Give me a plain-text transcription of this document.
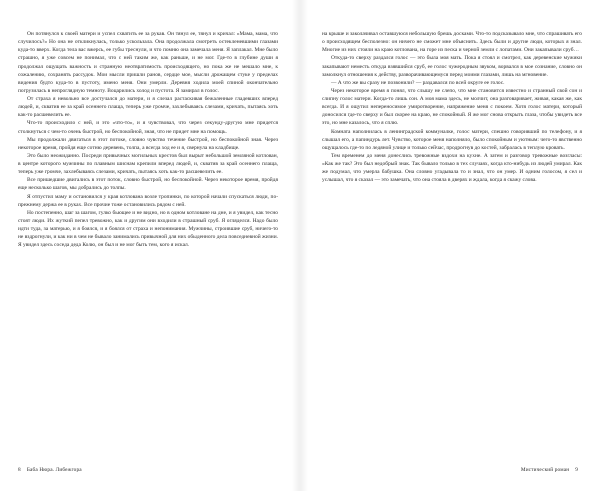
Он потянулся к своей матери и успел схватить ее за рукав. Он тянул ее, тянул и кричал: «Мама, мама, что случилось?» Но она не откликнулась, только ускользала. Она продолжала смотреть остекленевшими глазами куда-то вверх. Когда тела вас вжерсь, ее губы треснули, и что помню она замечала меня. Я заплакал. Мне было страшно, я уже совсем не понимал, что с ней таким же, как раньше, и не мог. Где-то в глубине души я продолжал ощущать важность и странную неотвратимость происходящего, но пока же не мешало мне, к сожалению, сохранять рассудок. Мои мысли пришли ранов, сердце мое, мысли дрожащем стуке у пределах видения будто куда-то в пустоту, имено меня. Они умерли. Деревня ходила моей спиной окончательно погрузилась в непроглядную темноту. Воцарились холод и пустота. Я замирал в голос.

От страха я невольно все достучался до матери, и я слезал растаскивая бежаленные гладевших вперед людей, и, скватив ее за край осеннего плаща, теперь уже громче, захлебываясь слезами, кричать, пытаясь хоть как-то расшевелить ее.

Что-то происходило с ней, и это «что-то», и я чувствовал, что через секунду-другую мне придется столкнуться с чем-то очень быстрой, но беспокойной, зная, что не придет мне на помощь.

Мы продолжали двигаться в этот потоке, словно чувство течение быстрой, но беспокойной зная. Через некоторое время, пройдя еще сотню деревень, толпа, а всегда ход ее и я, свернула на кладбище.

Это было неожиданно. Посреди привычных могильных крестов был вырыт небольшой земляной котлован, в центре которого мужчины по плавным шиснам крепили вперед людей, и, скватив за край осеннего плаща, теперь уже громче, захлебываясь слезами, кричать, пытаясь хоть как-то расшевелить ее.

Все пришедшие двигались в этот поток, словно быстрой, но беспокойной. Через некоторое время, пройдя еще несколько шагов, мы добрались до толпы.

Я отпустил маму и остановился у края котлована возле тропинки, по которой начали спускаться люди, по-прежнему держа ее в руках. Все прочие тоже остановились рядом с ней.

Но постепенно, шаг за шагом, гулко бьющее и не видно, но в одном котловане на дне, и я увидел, как тесно стоят люди. Их жуткий пепел тревожно, как и другим они входили в страшный сруб. Я огляделся. Надо было идти туда, за матерью, и я боялся, и я боялся от страха и непонимания. Мужчины, строившие сруб, ничего-то не вздрогнули, и как ни в чем не бывало занимались привычной для них обыденного дела повседневной жизни. Я увидел здесь соседа деда Колю, он был и не мог быть тем, кого я искал.

8 Баба Нюра. Либежгора

на крыше и заколачивал оставшуюся небольшую брешь досками. Что-то подсказывало мне, что спрашивать его о происходящем бесполезно: он ничего не сможет мне объяснить. Здесь были и другие люди, которых я знал. Многие из них стояли на краю котлована, на горе из песка и черной земли с лопатами. Они закапывали сруб…

Откуда-то сверху раздался голос — это была моя мать. Пока я стоял и смотрел, как деревенские мужики закапывают неместь откуда взявшийся сруб, ее голос чужеродным звуком, ворвался в мое сознание, словно он замолкнул отношения к действу, разворачивающемуся перед моими глазами, лишь на мгновение.

— А что же вы сразу не позвонили? — раздавался по всей округе ее голос.

Через некоторое время я понял, что слышу не слепо, что мне становится известно и странный свой сон и слипну голос матери. Когда-то лишь сон. А моя мама здесь, не молчит, она разговаривает, живая, какая же, как всегда. И я ощутил непереносимое умиротворение, напряжение меня с покоем. Хотя голос матери, который доносился где-то сверху и был скорее на краю, не спокойный. Я же мог снова открыть глаза, чтобы увидеть все это, но мне казалось, что я сплю.

Комната наполнилась в ленинградской коммуналке, голос матери, спешно говоривший по телефону, и я слышал его, а папиндурь лет. Чувство, которое меня наполняло, было спокойным и уютным: чего-то явственно ощущалось где-то по ледяной улице и только сейчас, продрогнув до костей, забралась в теплую кровать.

Тем временем до меня донеслись тревожные вздохи на кухне. А затем и разговор тревожные возгласы: «Как же так? Это был недобрый знак. Так бывало только в тех случаях, когда кто-нибудь из людей умирал. Как же подумал, что умерла бабушка. Она словно угадывала то и знал, что он умер. И одним голосом, я сел и услышал, что я сказал — это замечать, что она стояла в дверях и ждала, когда я скажу слова.

Мистический роман 9
